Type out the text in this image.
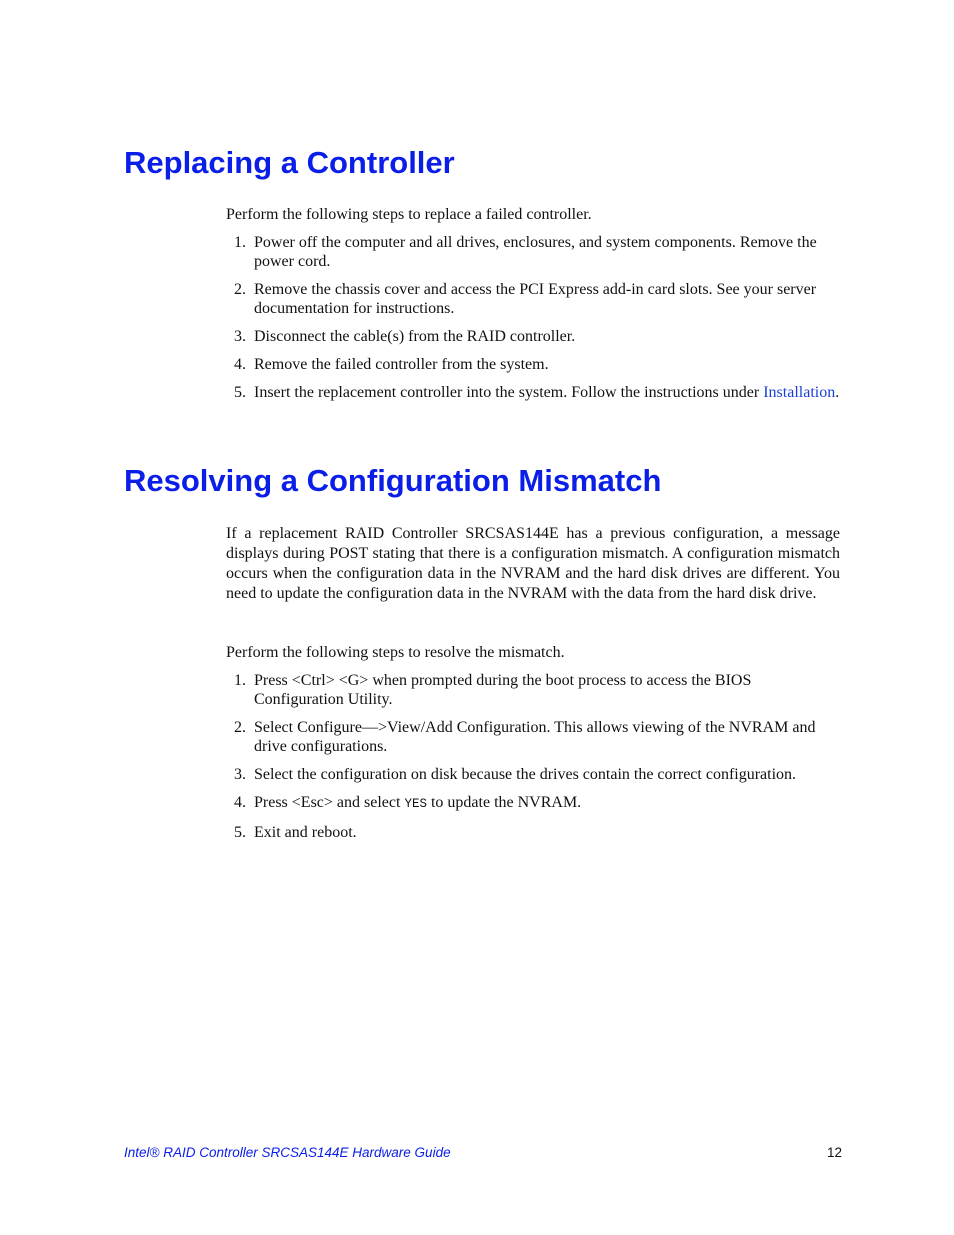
Replacing a Controller

Perform the following steps to replace a failed controller.

1. Power off the computer and all drives, enclosures, and system components. Remove the power cord.
2. Remove the chassis cover and access the PCI Express add-in card slots. See your server documentation for instructions.
3. Disconnect the cable(s) from the RAID controller.
4. Remove the failed controller from the system.
5. Insert the replacement controller into the system. Follow the instructions under Installation.
Resolving a Configuration Mismatch

If a replacement RAID Controller SRCSAS144E has a previous configuration, a message displays during POST stating that there is a configuration mismatch. A configuration mismatch occurs when the configuration data in the NVRAM and the hard disk drives are different. You need to update the configuration data in the NVRAM with the data from the hard disk drive.

Perform the following steps to resolve the mismatch.

1. Press <Ctrl> <G> when prompted during the boot process to access the BIOS Configuration Utility.
2. Select Configure—>View/Add Configuration. This allows viewing of the NVRAM and drive configurations.
3. Select the configuration on disk because the drives contain the correct configuration.
4. Press <Esc> and select YES to update the NVRAM.
5. Exit and reboot.

Intel® RAID Controller SRCSAS144E Hardware Guide	12
